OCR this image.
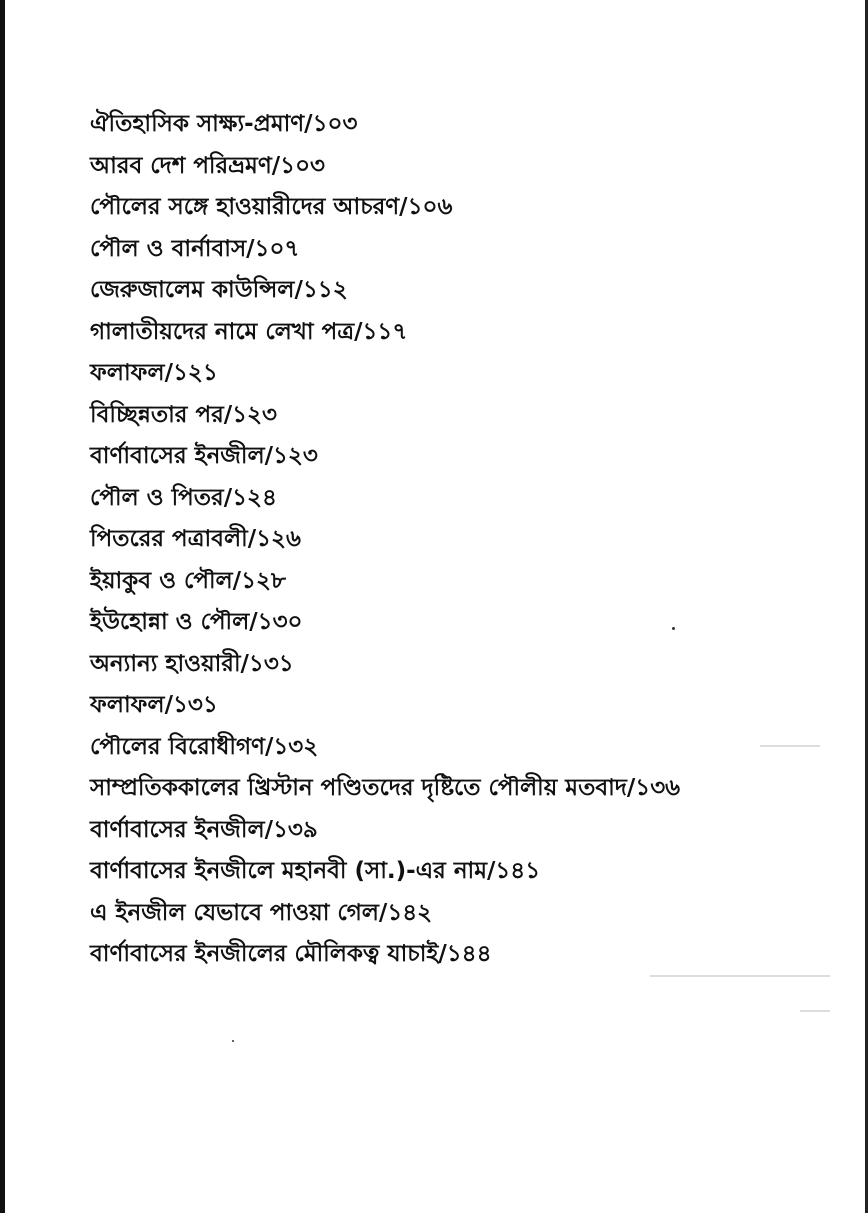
ঐতিহাসিক সাক্ষ্য-প্রমাণ/১০৩
আরব দেশ পরিভ্রমণ/১০৩
পৌলের সঙ্গে হাওয়ারীদের আচরণ/১০৬
পৌল ও বার্নাবাস/১০৭
জেরুজালেম কাউন্সিল/১১২
গালাতীয়দের নামে লেখা পত্র/১১৭
ফলাফল/১২১
বিচ্ছিন্নতার পর/১২৩
বার্ণাবাসের ইনজীল/১২৩
পৌল ও পিতর/১২৪
পিতরের পত্রাবলী/১২৬
ইয়াকুব ও পৌল/১২৮
ইউহোন্না ও পৌল/১৩০
অন্যান্য হাওয়ারী/১৩১
ফলাফল/১৩১
পৌলের বিরোধীগণ/১৩২
সাম্প্রতিককালের খ্রিস্টান পণ্ডিতদের দৃষ্টিতে পৌলীয় মতবাদ/১৩৬
বার্ণাবাসের ইনজীল/১৩৯
বার্ণাবাসের ইনজীলে মহানবী (সা.)-এর নাম/১৪১
এ ইনজীল যেভাবে পাওয়া গেল/১৪২
বার্ণাবাসের ইনজীলের মৌলিকত্ব যাচাই/১৪৪
